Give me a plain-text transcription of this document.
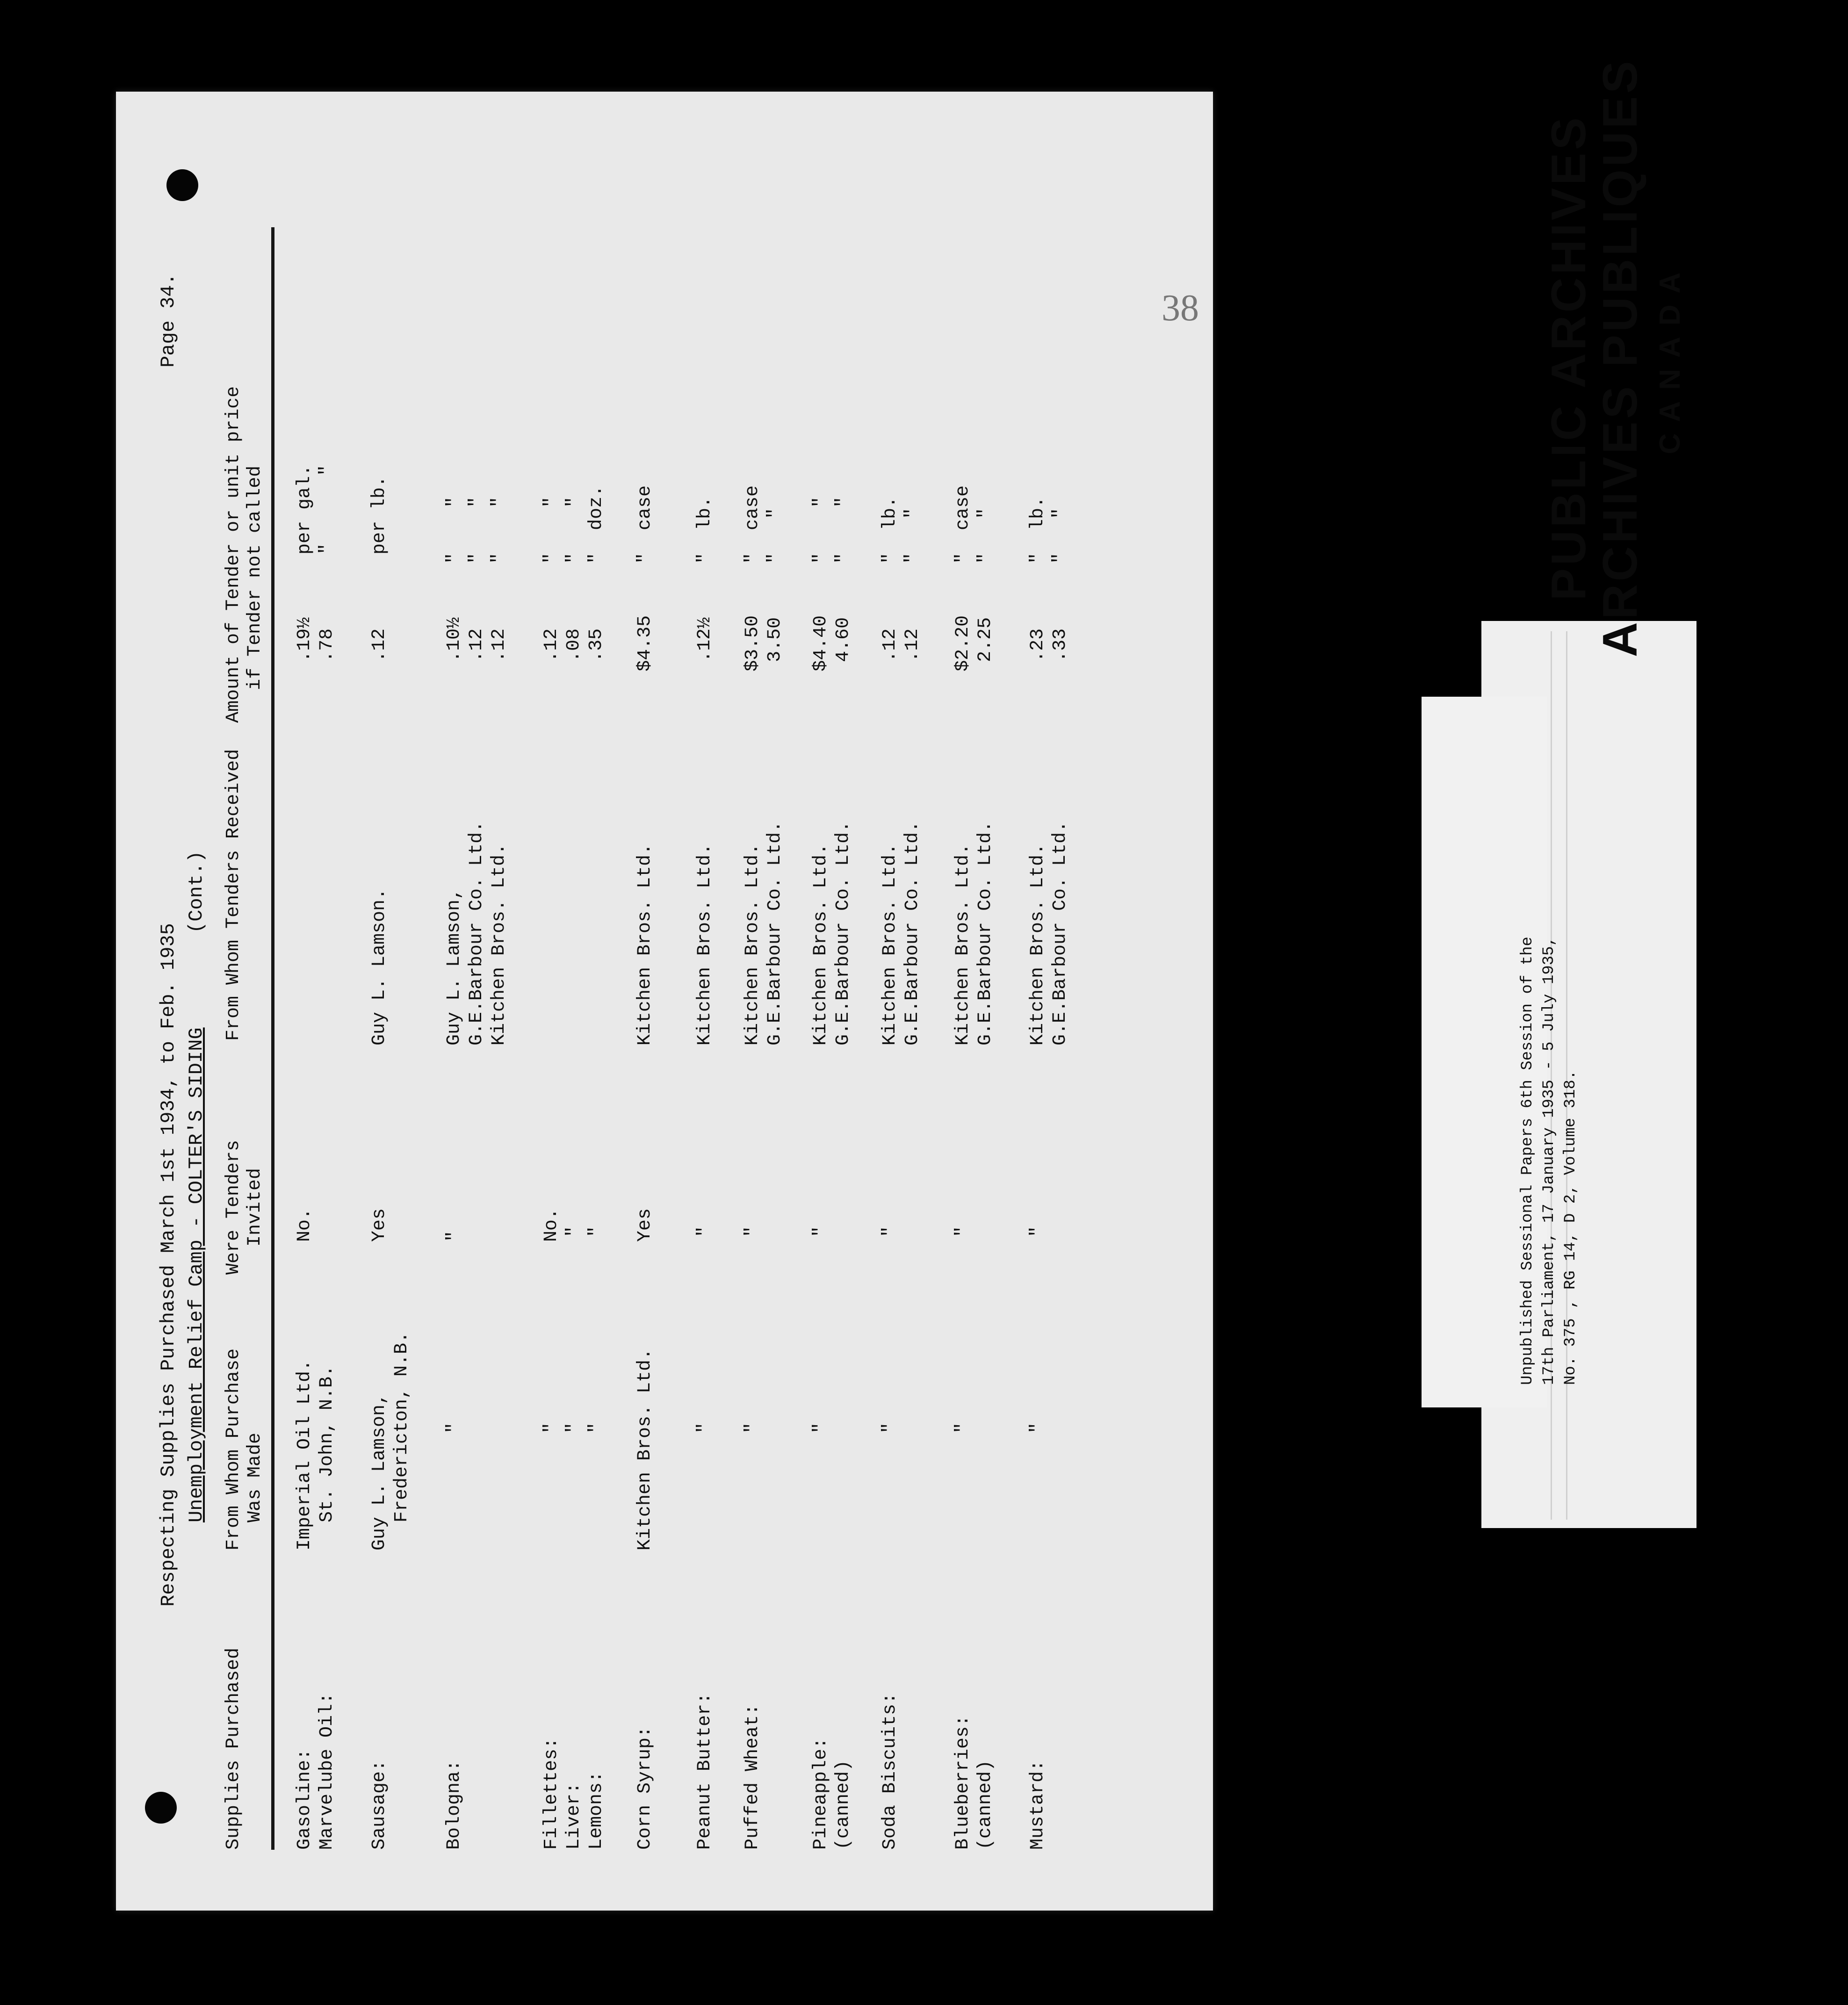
38
Page 34.
Respecting Supplies Purchased March 1st 1934, to Feb. 1935 Unemployment Relief Camp - COLTER'S SIDING
(Cont.)
Supplies Purchased
From Whom Purchase Was Made
Were Tenders Invited
From Whom Tenders Received
Amount of Tender or unit price if Tender not called
Gasoline: Marvelube Oil:
Imperial Oil Ltd. St. John, N.B.
No.
.19½ .78
per gal. "      "
Sausage:
Guy L. Lamson, Fredericton, N.B.
Yes
Guy L. Lamson.
.12
per lb.
Bologna:
"
"
Guy L. Lamson, G.E.Barbour Co. Ltd. Kitchen Bros. Ltd.
.10½ .12 .12
"    " "    " "    "
Fillettes: Liver: Lemons:
" " "
No. " "
.12 .08 .35
"    " "    " "  doz.
Corn Syrup:
Kitchen Bros. Ltd.
Yes
Kitchen Bros. Ltd.
$4.35
"  case
Peanut Butter:
"
"
Kitchen Bros. Ltd.
.12½
"  lb.
Puffed Wheat:
"
"
Kitchen Bros. Ltd. G.E.Barbour Co. Ltd.
$3.50 3.50
"  case "   "
Pineapple: (canned)
"
"
Kitchen Bros. Ltd. G.E.Barbour Co. Ltd.
$4.40 4.60
"    " "    "
Soda Biscuits:
"
"
Kitchen Bros. Ltd. G.E.Barbour Co. Ltd.
.12 .12
"  lb. "   "
Blueberries: (canned)
"
"
Kitchen Bros. Ltd. G.E.Barbour Co. Ltd.
$2.20 2.25
"  case "   "
Mustard:
"
"
Kitchen Bros. Ltd. G.E.Barbour Co. Ltd.
.23 .33
"  lb. "   "	PUBLIC ARCHIVES
ARCHIVES PUBLIQUES CANADA
Unpublished Sessional Papers 6th Session of the 17th Parliament, 17 January 1935 - 5 July 1935, No. 375 , RG 14, D 2, Volume 318.
